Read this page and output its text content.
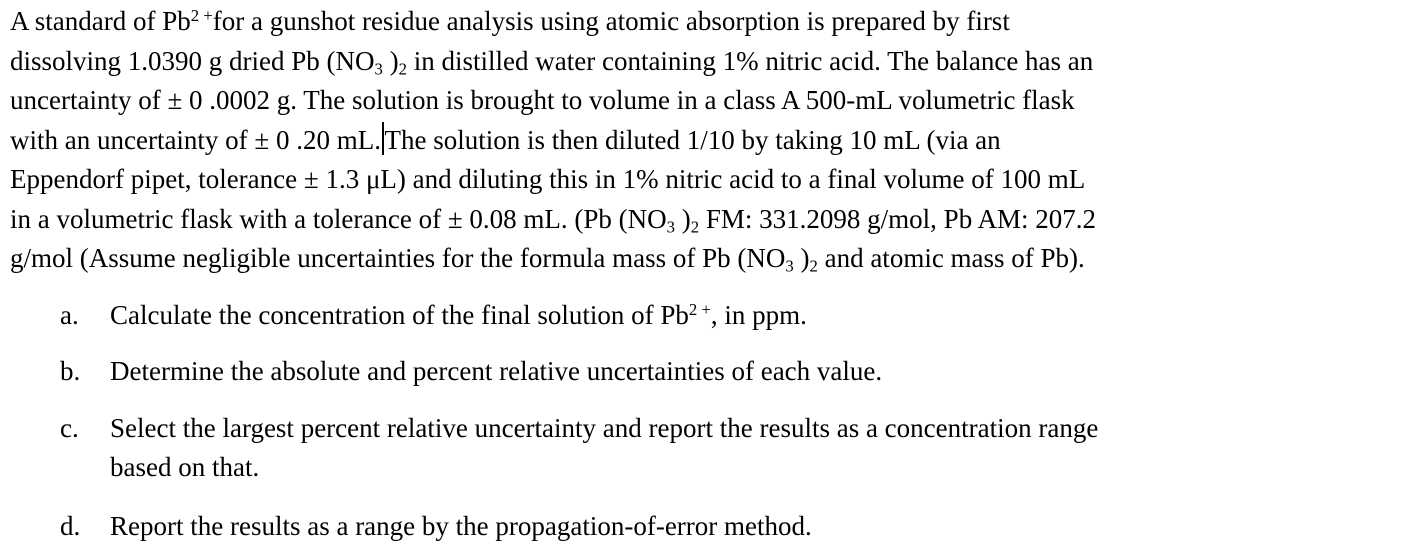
A standard of $Pb^{2 +}for$ a gunshot residue analysis using atomic absorption is prepared by first
dissolving 1.0390 g dried Pb ($NO_3$ )$_2$ in distilled water containing 1% nitric acid. The balance has an
uncertainty of ± 0 .0002 g. The solution is brought to volume in a class A 500-mL volumetric flask
with an uncertainty of ± 0 .20 mL. The solution is then diluted 1/10 by taking 10 mL (via an
Eppendorf pipet, tolerance ± 1.3 μL) and diluting this in 1% nitric acid to a final volume of 100 mL
in a volumetric flask with a tolerance of ± 0.08 mL. (Pb ($NO_3$ )$_2$ FM: 331.2098 g/mol, Pb AM: 207.2
g/mol (Assume negligible uncertainties for the formula mass of Pb ($NO_3$ )$_2$ and atomic mass of Pb).
a. Calculate the concentration of the final solution of $Pb^{2 +}$, in ppm.
b. Determine the absolute and percent relative uncertainties of each value.
c. Select the largest percent relative uncertainty and report the results as a concentration range
based on that.
d. Report the results as a range by the propagation-of-error method.
